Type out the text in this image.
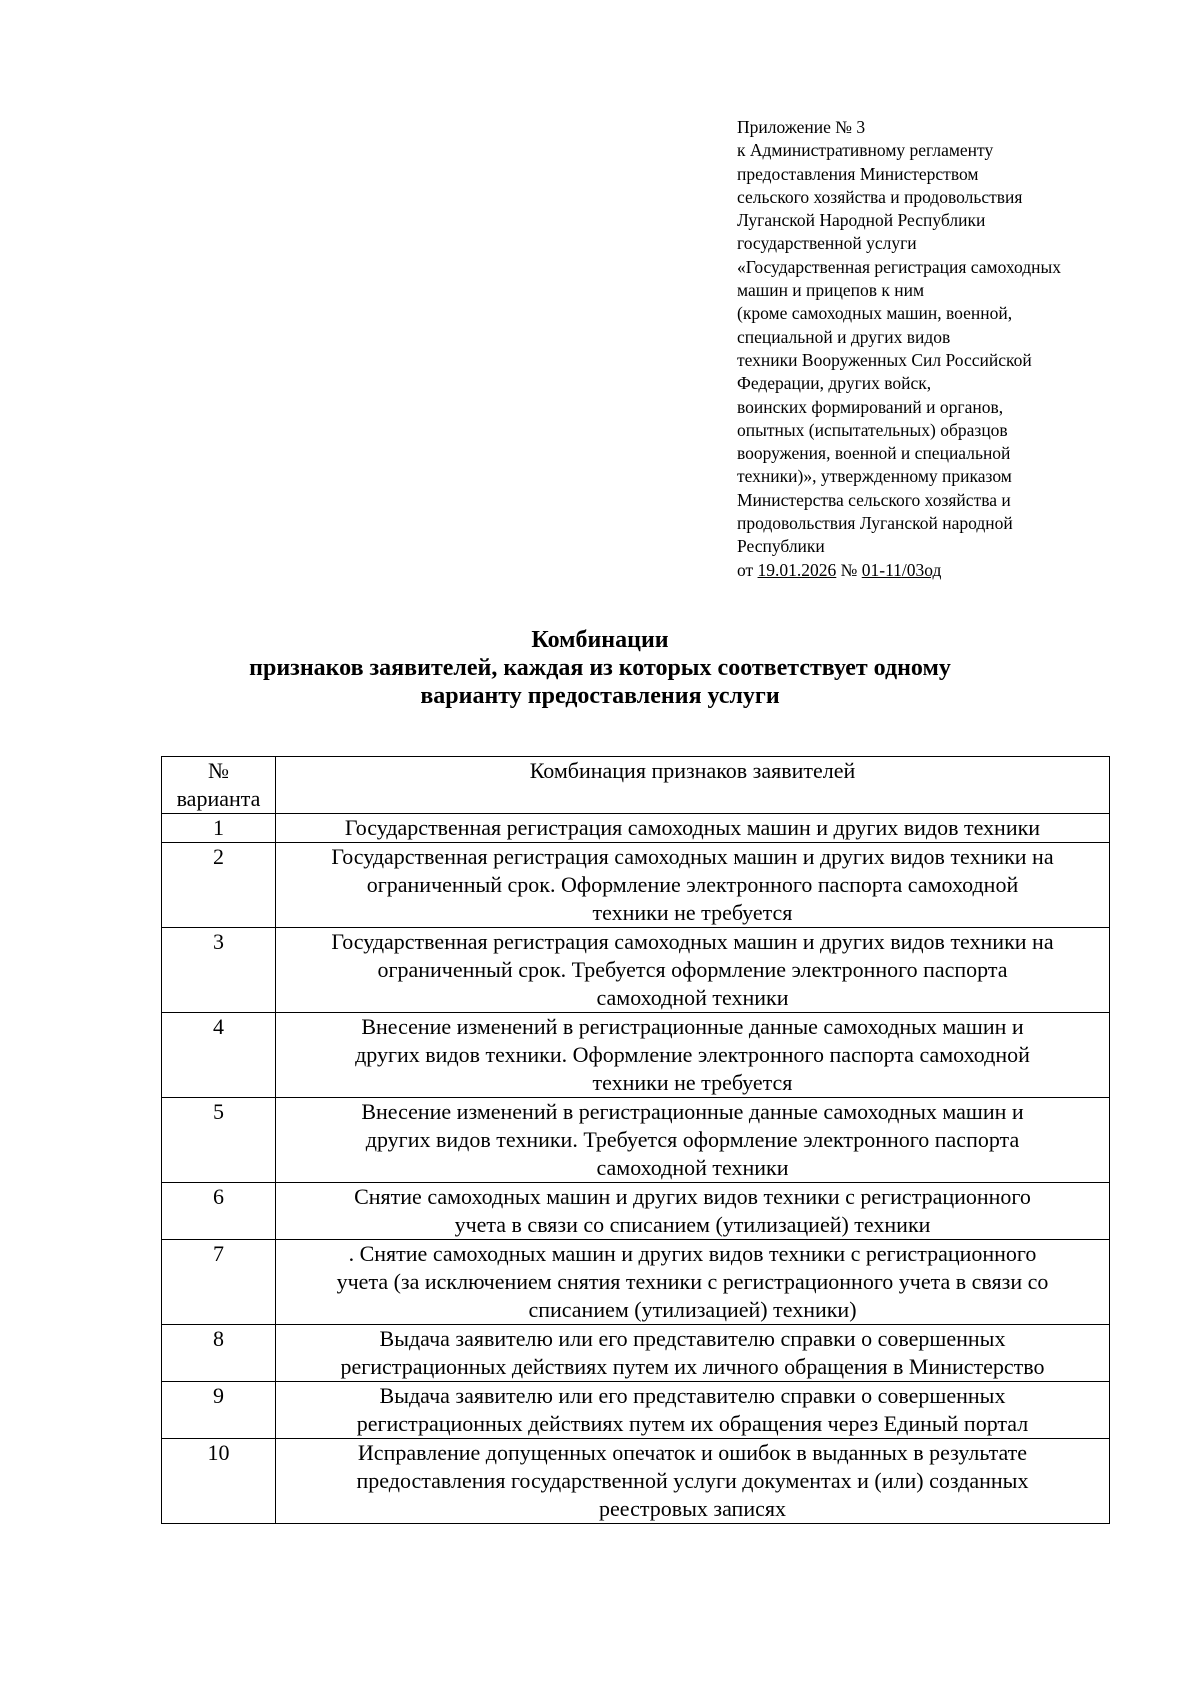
Приложение № 3
к Административному регламенту
предоставления Министерством
сельского хозяйства и продовольствия
Луганской Народной Республики
государственной услуги
«Государственная регистрация самоходных
машин и прицепов к ним
(кроме самоходных машин, военной,
специальной и других видов
техники Вооруженных Сил Российской
Федерации, других войск,
воинских формирований и органов,
опытных (испытательных) образцов
вооружения, военной и специальной
техники)», утвержденному приказом
Министерства сельского хозяйства и
продовольствия Луганской народной
Республики
от 19.01.2026 № 01-11/03од
Комбинации
признаков заявителей, каждая из которых соответствует одному
варианту предоставления услуги
№
варианта	Комбинация признаков заявителей
1	Государственная регистрация самоходных машин и других видов техники

2	Государственная регистрация самоходных машин и других видов техники на
ограниченный срок. Оформление электронного паспорта самоходной
техники не требуется

3	Государственная регистрация самоходных машин и других видов техники на
ограниченный срок. Требуется оформление электронного паспорта
самоходной техники

4	Внесение изменений в регистрационные данные самоходных машин и
других видов техники. Оформление электронного паспорта самоходной
техники не требуется

5	Внесение изменений в регистрационные данные самоходных машин и
других видов техники. Требуется оформление электронного паспорта
самоходной техники

6	Снятие самоходных машин и других видов техники с регистрационного
учета в связи со списанием (утилизацией) техники

7	. Снятие самоходных машин и других видов техники с регистрационного
учета (за исключением снятия техники с регистрационного учета в связи со
списанием (утилизацией) техники)

8	Выдача заявителю или его представителю справки о совершенных
регистрационных действиях путем их личного обращения в Министерство

9	Выдача заявителю или его представителю справки о совершенных
регистрационных действиях путем их обращения через Единый портал

10	Исправление допущенных опечаток и ошибок в выданных в результате
предоставления государственной услуги документах и (или) созданных
реестровых записях
